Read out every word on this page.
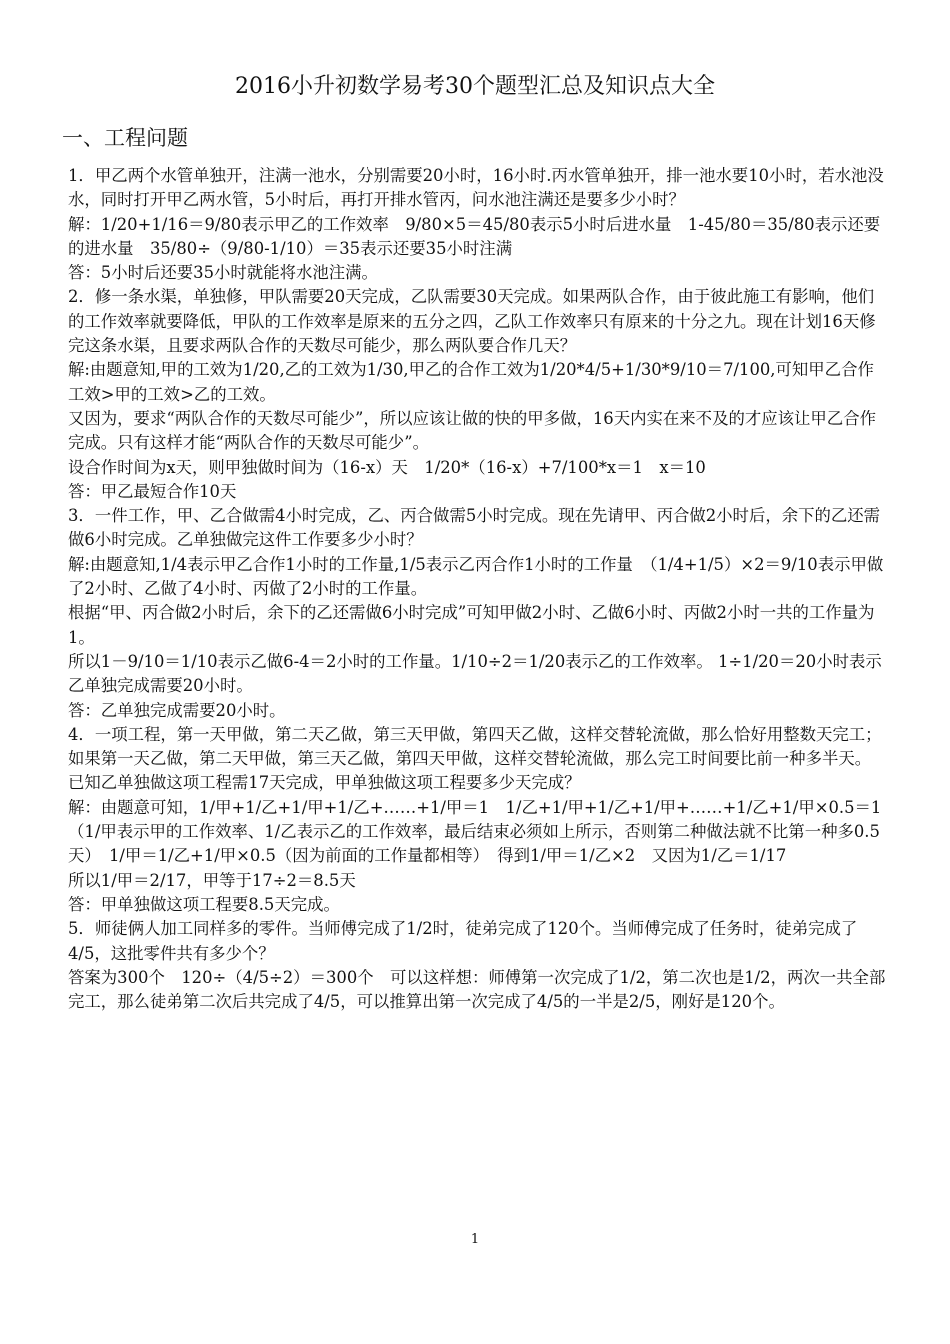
2016小升初数学易考30个题型汇总及知识点大全
一、工程问题

1．甲乙两个水管单独开，注满一池水，分别需要20小时，16小时.丙水管单独开，排一池水要10小时，若水池没水，同时打开甲乙两水管，5小时后，再打开排水管丙，问水池注满还是要多少小时？

解：1/20+1/16＝9/80表示甲乙的工作效率　9/80×5＝45/80表示5小时后进水量　1-45/80＝35/80表示还要的进水量　35/80÷（9/80-1/10）＝35表示还要35小时注满

答：5小时后还要35小时就能将水池注满。

2．修一条水渠，单独修，甲队需要20天完成，乙队需要30天完成。如果两队合作，由于彼此施工有影响，他们的工作效率就要降低，甲队的工作效率是原来的五分之四，乙队工作效率只有原来的十分之九。现在计划16天修完这条水渠，且要求两队合作的天数尽可能少，那么两队要合作几天？

解:由题意知,甲的工效为1/20,乙的工效为1/30,甲乙的合作工效为1/20*4/5+1/30*9/10＝7/100,可知甲乙合作工效>甲的工效>乙的工效。

又因为，要求“两队合作的天数尽可能少”，所以应该让做的快的甲多做，16天内实在来不及的才应该让甲乙合作完成。只有这样才能“两队合作的天数尽可能少”。

设合作时间为x天，则甲独做时间为（16-x）天　1/20*（16-x）+7/100*x＝1　x＝10

答：甲乙最短合作10天

3．一件工作，甲、乙合做需4小时完成，乙、丙合做需5小时完成。现在先请甲、丙合做2小时后，余下的乙还需做6小时完成。乙单独做完这件工作要多少小时？

解:由题意知,1/4表示甲乙合作1小时的工作量,1/5表示乙丙合作1小时的工作量　（1/4+1/5）×2＝9/10表示甲做了2小时、乙做了4小时、丙做了2小时的工作量。

根据“甲、丙合做2小时后，余下的乙还需做6小时完成”可知甲做2小时、乙做6小时、丙做2小时一共的工作量为1。

所以1－9/10＝1/10表示乙做6-4＝2小时的工作量。1/10÷2＝1/20表示乙的工作效率。 1÷1/20＝20小时表示乙单独完成需要20小时。

答：乙单独完成需要20小时。

4．一项工程，第一天甲做，第二天乙做，第三天甲做，第四天乙做，这样交替轮流做，那么恰好用整数天完工；如果第一天乙做，第二天甲做，第三天乙做，第四天甲做，这样交替轮流做，那么完工时间要比前一种多半天。已知乙单独做这项工程需17天完成，甲单独做这项工程要多少天完成？

解：由题意可知，1/甲+1/乙+1/甲+1/乙+……+1/甲＝1　1/乙+1/甲+1/乙+1/甲+……+1/乙+1/甲×0.5＝1

（1/甲表示甲的工作效率、1/乙表示乙的工作效率，最后结束必须如上所示，否则第二种做法就不比第一种多0.5天）　1/甲＝1/乙+1/甲×0.5（因为前面的工作量都相等）　得到1/甲＝1/乙×2　又因为1/乙＝1/17

所以1/甲＝2/17，甲等于17÷2＝8.5天

答：甲单独做这项工程要8.5天完成。

5．师徒俩人加工同样多的零件。当师傅完成了1/2时，徒弟完成了120个。当师傅完成了任务时，徒弟完成了4/5，这批零件共有多少个？

答案为300个　120÷（4/5÷2）＝300个　可以这样想：师傅第一次完成了1/2，第二次也是1/2，两次一共全部完工，那么徒弟第二次后共完成了4/5，可以推算出第一次完成了4/5的一半是2/5，刚好是120个。

1
